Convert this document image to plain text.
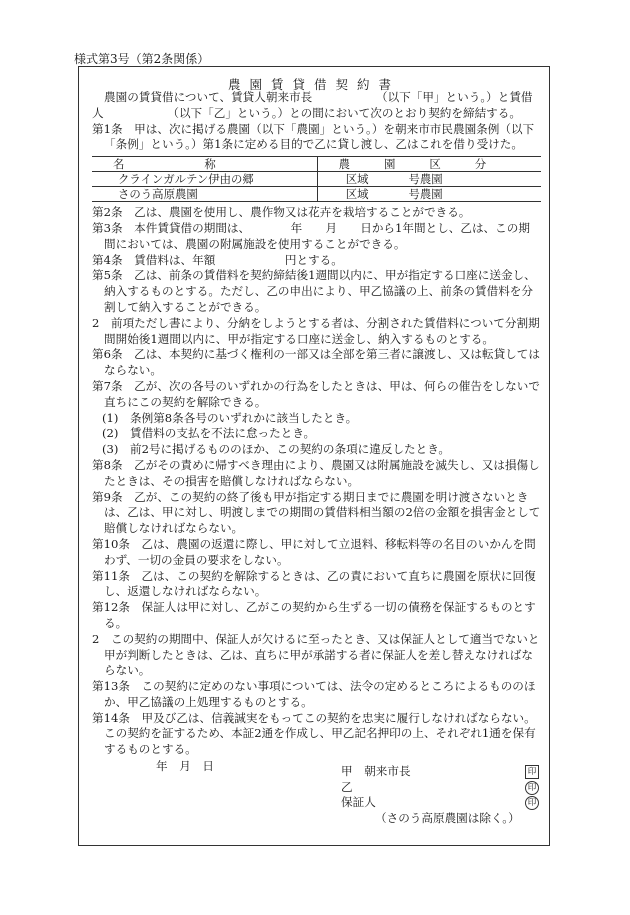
様式第3号（第2条関係）
農園賃貸借契約書

農園の賃貸借について、賃貸人朝来市長　　　　　　（以下「甲」という。）と賃借人　　　　　　（以下「乙」という。）との間において次のとおり契約を締結する。

第1条　甲は、次に掲げる農園（以下「農園」という。）を朝来市市民農園条例（以下「条例」という。）第1条に定める目的で乙に貸し渡し、乙はこれを借り受けた。

名称	農園区分
クラインガルテン伊由の郷	区域 号農園
さのう高原農園	区域 号農園

第2条　乙は、農園を使用し、農作物又は花卉を栽培することができる。

第3条　本件賃貸借の期間は、　　　　年　　月　　日から1年間とし、乙は、この期間においては、農園の附属施設を使用することができる。

第4条　賃借料は、年額　　　　　　円とする。

第5条　乙は、前条の賃借料を契約締結後1週間以内に、甲が指定する口座に送金し、納入するものとする。ただし、乙の申出により、甲乙協議の上、前条の賃借料を分割して納入することができる。

2　前項ただし書により、分納をしようとする者は、分割された賃借料について分割期間開始後1週間以内に、甲が指定する口座に送金し、納入するものとする。

第6条　乙は、本契約に基づく権利の一部又は全部を第三者に譲渡し、又は転貸してはならない。

第7条　乙が、次の各号のいずれかの行為をしたときは、甲は、何らの催告をしないで直ちにこの契約を解除できる。

(1)　条例第8条各号のいずれかに該当したとき。

(2)　賃借料の支払を不法に怠ったとき。

(3)　前2号に掲げるもののほか、この契約の条項に違反したとき。

第8条　乙がその責めに帰すべき理由により、農園又は附属施設を滅失し、又は損傷したときは、その損害を賠償しなければならない。

第9条　乙が、この契約の終了後も甲が指定する期日までに農園を明け渡さないときは、乙は、甲に対し、明渡しまでの期間の賃借料相当額の2倍の金額を損害金として賠償しなければならない。

第10条　乙は、農園の返還に際し、甲に対して立退料、移転料等の名目のいかんを問わず、一切の金員の要求をしない。

第11条　乙は、この契約を解除するときは、乙の責において直ちに農園を原状に回復し、返還しなければならない。

第12条　保証人は甲に対し、乙がこの契約から生ずる一切の債務を保証するものとする。

2　この契約の期間中、保証人が欠けるに至ったとき、又は保証人として適当でないと甲が判断したときは、乙は、直ちに甲が承諾する者に保証人を差し替えなければならない。

第13条　この契約に定めのない事項については、法令の定めるところによるもののほか、甲乙協議の上処理するものとする。

第14条　甲及び乙は、信義誠実をもってこの契約を忠実に履行しなければならない。この契約を証するため、本証2通を作成し、甲乙記名押印の上、それぞれ1通を保有するものとする。

年　月　日	甲　朝来市長	印
乙	印
保証人	印
（さのう高原農園は除く。）
